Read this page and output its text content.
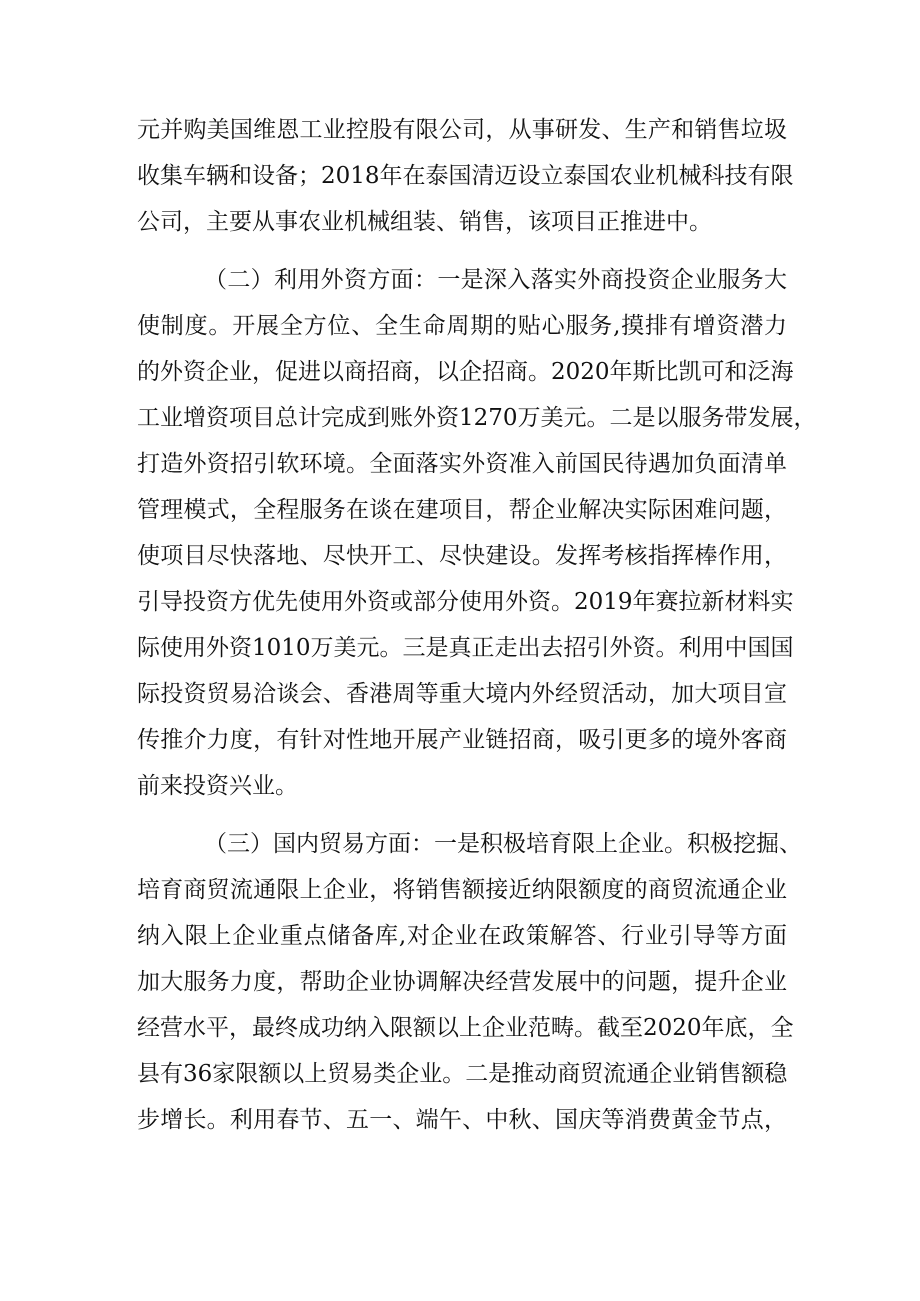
元并购美国维恩工业控股有限公司，从事研发、生产和销售垃圾
收集车辆和设备；2018年在泰国清迈设立泰国农业机械科技有限
公司，主要从事农业机械组装、销售，该项目正推进中。
（二）利用外资方面：一是深入落实外商投资企业服务大
使制度。开展全方位、全生命周期的贴心服务,摸排有增资潜力
的外资企业，促进以商招商，以企招商。2020年斯比凯可和泛海
工业增资项目总计完成到账外资1270万美元。二是以服务带发展，
打造外资招引软环境。全面落实外资准入前国民待遇加负面清单
管理模式，全程服务在谈在建项目，帮企业解决实际困难问题，
使项目尽快落地、尽快开工、尽快建设。发挥考核指挥棒作用，
引导投资方优先使用外资或部分使用外资。2019年赛拉新材料实
际使用外资1010万美元。三是真正走出去招引外资。利用中国国
际投资贸易洽谈会、香港周等重大境内外经贸活动，加大项目宣
传推介力度，有针对性地开展产业链招商，吸引更多的境外客商
前来投资兴业。
（三）国内贸易方面：一是积极培育限上企业。积极挖掘、
培育商贸流通限上企业，将销售额接近纳限额度的商贸流通企业
纳入限上企业重点储备库,对企业在政策解答、行业引导等方面
加大服务力度，帮助企业协调解决经营发展中的问题，提升企业
经营水平，最终成功纳入限额以上企业范畴。截至2020年底，全
县有36家限额以上贸易类企业。二是推动商贸流通企业销售额稳
步增长。利用春节、五一、端午、中秋、国庆等消费黄金节点，
